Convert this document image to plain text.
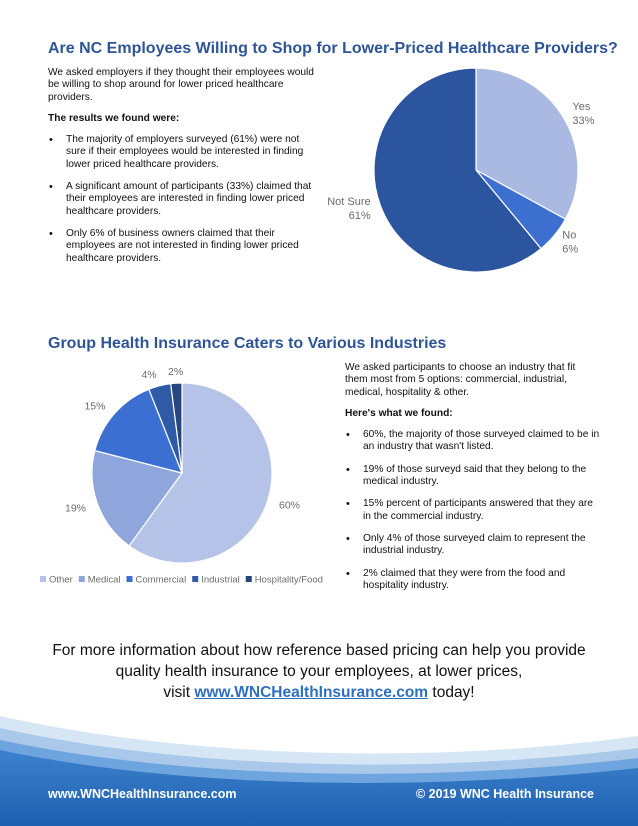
Are NC Employees Willing to Shop for Lower-Priced Healthcare Providers?

We asked employers if they thought their employees would be willing to shop around for lower priced healthcare providers.

The results we found were:

• The majority of employers surveyed (61%) were not sure if their employees would be interested in finding lower priced healthcare providers.
• A significant amount of participants (33%) claimed that their employees are interested in finding lower priced healthcare providers.
• Only 6% of business owners claimed that their employees are not interested in finding lower priced healthcare providers.
Yes
33%
No
6%
Not Sure
61%
Group Health Insurance Caters to Various Industries
60%
19%
15%
4% 2%
Other Medical Commercial Industrial Hospitality/Food

We asked participants to choose an industry that fit them most from 5 options: commercial, industrial, medical, hospitality & other.

Here's what we found:

• 60%, the majority of those surveyed claimed to be in an industry that wasn't listed.
• 19% of those surveyd said that they belong to the medical industry.
• 15% percent of participants answered that they are in the commercial industry.
• Only 4% of those surveyed claim to represent the industrial industry.
• 2% claimed that they were from the food and hospitality industry.
For more information about how reference based pricing can help you provide
quality health insurance to your employees, at lower prices,
visit www.WNCHealthInsurance.com today!
www.WNCHealthInsurance.com	© 2019 WNC Health Insurance
